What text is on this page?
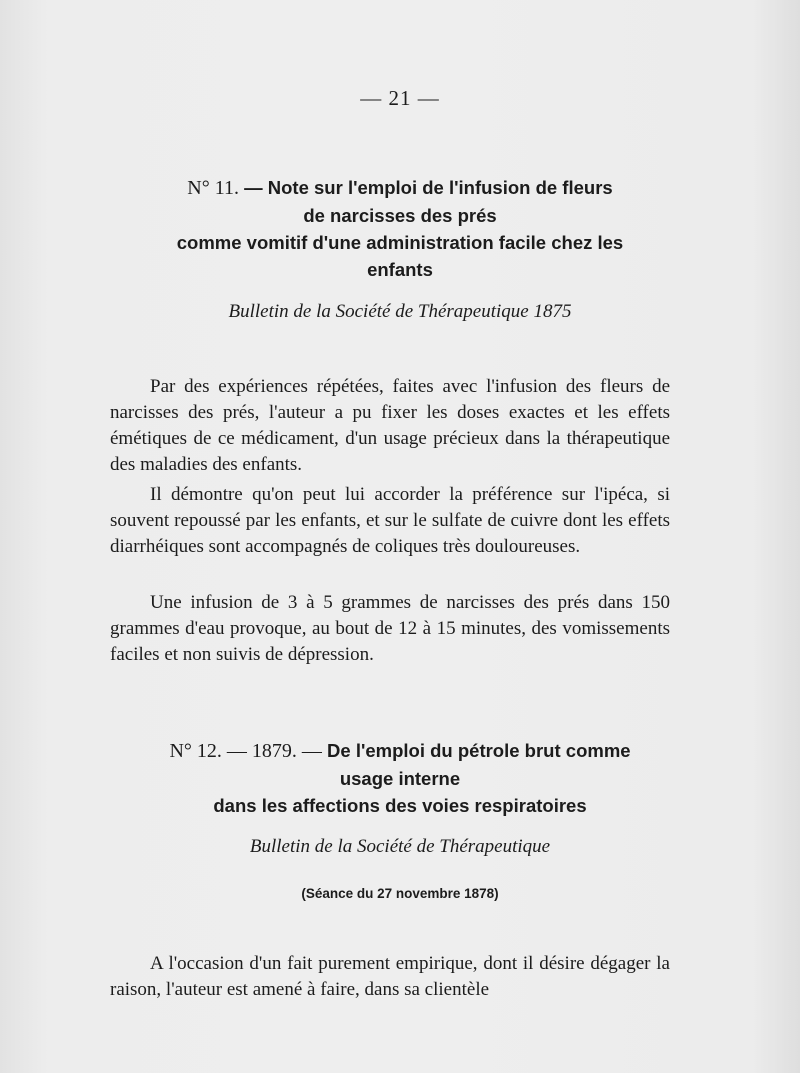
— 21 —
N° 11. — Note sur l'emploi de l'infusion de fleurs
de narcisses des prés
comme vomitif d'une administration facile chez les
enfants
Bulletin de la Société de Thérapeutique 1875

Par des expériences répétées, faites avec l'infusion des fleurs de narcisses des prés, l'auteur a pu fixer les doses exactes et les effets émétiques de ce médicament, d'un usage précieux dans la thérapeutique des maladies des enfants.

Il démontre qu'on peut lui accorder la préférence sur l'ipéca, si souvent repoussé par les enfants, et sur le sulfate de cuivre dont les effets diarrhéiques sont accompagnés de coliques très douloureuses.

Une infusion de 3 à 5 grammes de narcisses des prés dans 150 grammes d'eau provoque, au bout de 12 à 15 minutes, des vomissements faciles et non suivis de dépression.

N° 12. — 1879. — De l'emploi du pétrole brut comme
usage interne
dans les affections des voies respiratoires
Bulletin de la Société de Thérapeutique
(Séance du 27 novembre 1878)

A l'occasion d'un fait purement empirique, dont il désire dégager la raison, l'auteur est amené à faire, dans sa clientèle
